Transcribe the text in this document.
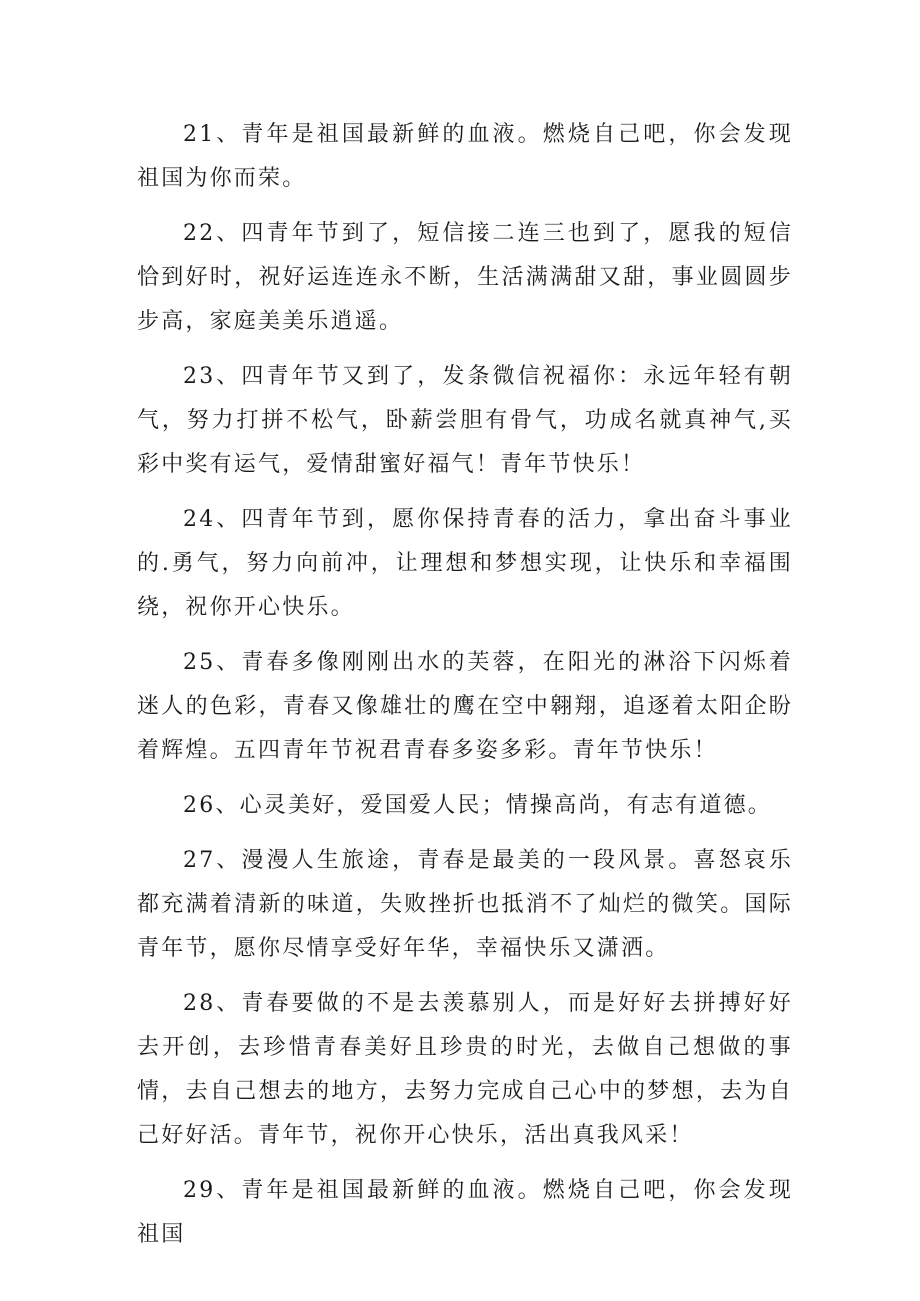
21、青年是祖国最新鲜的血液。燃烧自己吧，你会发现祖国为你而荣。

22、四青年节到了，短信接二连三也到了，愿我的短信恰到好时，祝好运连连永不断，生活满满甜又甜，事业圆圆步步高，家庭美美乐逍遥。

23、四青年节又到了，发条微信祝福你：永远年轻有朝气，努力打拼不松气，卧薪尝胆有骨气，功成名就真神气,买彩中奖有运气，爱情甜蜜好福气！青年节快乐！

24、四青年节到，愿你保持青春的活力，拿出奋斗事业的.勇气，努力向前冲，让理想和梦想实现，让快乐和幸福围绕，祝你开心快乐。

25、青春多像刚刚出水的芙蓉，在阳光的淋浴下闪烁着迷人的色彩，青春又像雄壮的鹰在空中翱翔，追逐着太阳企盼着辉煌。五四青年节祝君青春多姿多彩。青年节快乐！

26、心灵美好，爱国爱人民；情操高尚，有志有道德。

27、漫漫人生旅途，青春是最美的一段风景。喜怒哀乐都充满着清新的味道，失败挫折也抵消不了灿烂的微笑。国际青年节，愿你尽情享受好年华，幸福快乐又潇洒。

28、青春要做的不是去羡慕别人，而是好好去拼搏好好去开创，去珍惜青春美好且珍贵的时光，去做自己想做的事情，去自己想去的地方，去努力完成自己心中的梦想，去为自己好好活。青年节，祝你开心快乐，活出真我风采！

29、青年是祖国最新鲜的血液。燃烧自己吧，你会发现祖国
